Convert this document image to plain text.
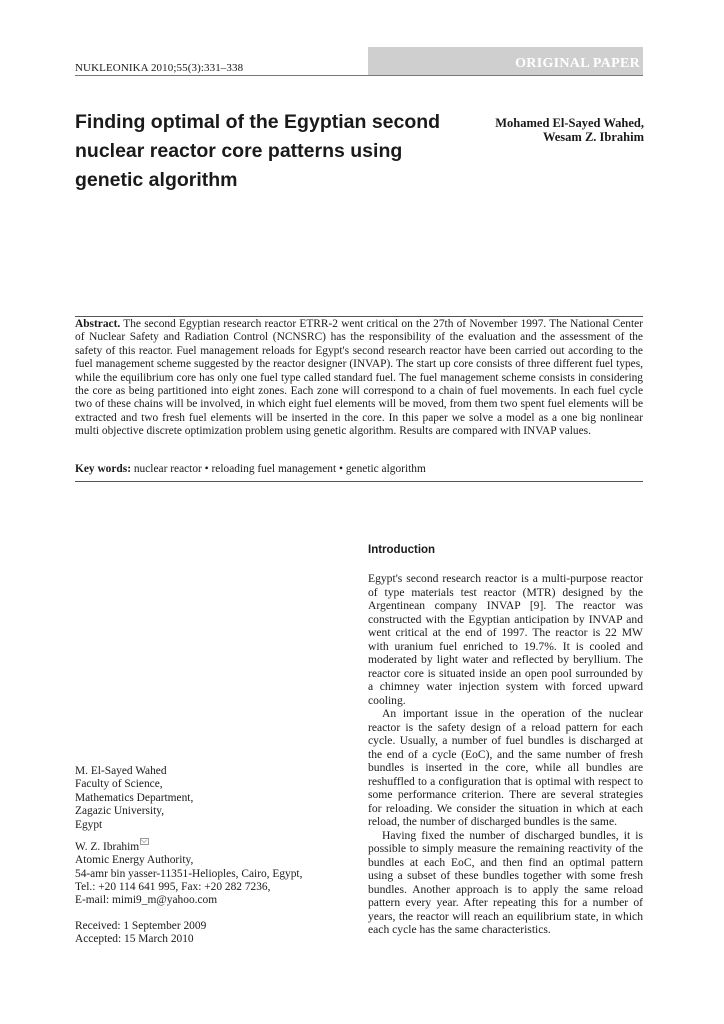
NUKLEONIKA 2010;55(3):331–338	ORIGINAL PAPER
Finding optimal of the Egyptian second
nuclear reactor core patterns using
genetic algorithm
Mohamed El-Sayed Wahed,
Wesam Z. Ibrahim

Abstract. The second Egyptian research reactor ETRR-2 went critical on the 27th of November 1997. The National Center of Nuclear Safety and Radiation Control (NCNSRC) has the responsibility of the evaluation and the assessment of the safety of this reactor. Fuel management reloads for Egypt's second research reactor have been carried out according to the fuel management scheme suggested by the reactor designer (INVAP). The start up core consists of three different fuel types, while the equilibrium core has only one fuel type called standard fuel. The fuel management scheme consists in considering the core as being partitioned into eight zones. Each zone will correspond to a chain of fuel movements. In each fuel cycle two of these chains will be involved, in which eight fuel elements will be moved, from them two spent fuel elements will be extracted and two fresh fuel elements will be inserted in the core. In this paper we solve a model as a one big nonlinear multi objective discrete optimization problem using genetic algorithm. Results are compared with INVAP values.

Key words: nuclear reactor • reloading fuel management • genetic algorithm
Introduction

Egypt's second research reactor is a multi-purpose reactor of type materials test reactor (MTR) designed by the Argentinean company INVAP [9]. The reactor was constructed with the Egyptian anticipation by INVAP and went critical at the end of 1997. The reactor is 22 MW with uranium fuel enriched to 19.7%. It is cooled and moderated by light water and reflected by beryllium. The reactor core is situated inside an open pool surrounded by a chimney water injection system with forced upward cooling.

An important issue in the operation of the nuclear reactor is the safety design of a reload pattern for each cycle. Usually, a number of fuel bundles is discharged at the end of a cycle (EoC), and the same number of fresh bundles is inserted in the core, while all bundles are reshuffled to a configuration that is optimal with respect to some performance criterion. There are several strategies for reloading. We consider the situation in which at each reload, the number of discharged bundles is the same.

Having fixed the number of discharged bundles, it is possible to simply measure the remaining reactivity of the bundles at each EoC, and then find an optimal pattern using a subset of these bundles together with some fresh bundles. Another approach is to apply the same reload pattern every year. After repeating this for a number of years, the reactor will reach an equilibrium state, in which each cycle has the same characteristics.

M. El-Sayed Wahed
Faculty of Science,
Mathematics Department,
Zagazic University,
Egypt
W. Z. Ibrahim
Atomic Energy Authority,
54-amr bin yasser-11351-Helioples, Cairo, Egypt,
Tel.: +20 114 641 995, Fax: +20 282 7236,
E-mail: mimi9_m@yahoo.com
Received: 1 September 2009
Accepted: 15 March 2010
